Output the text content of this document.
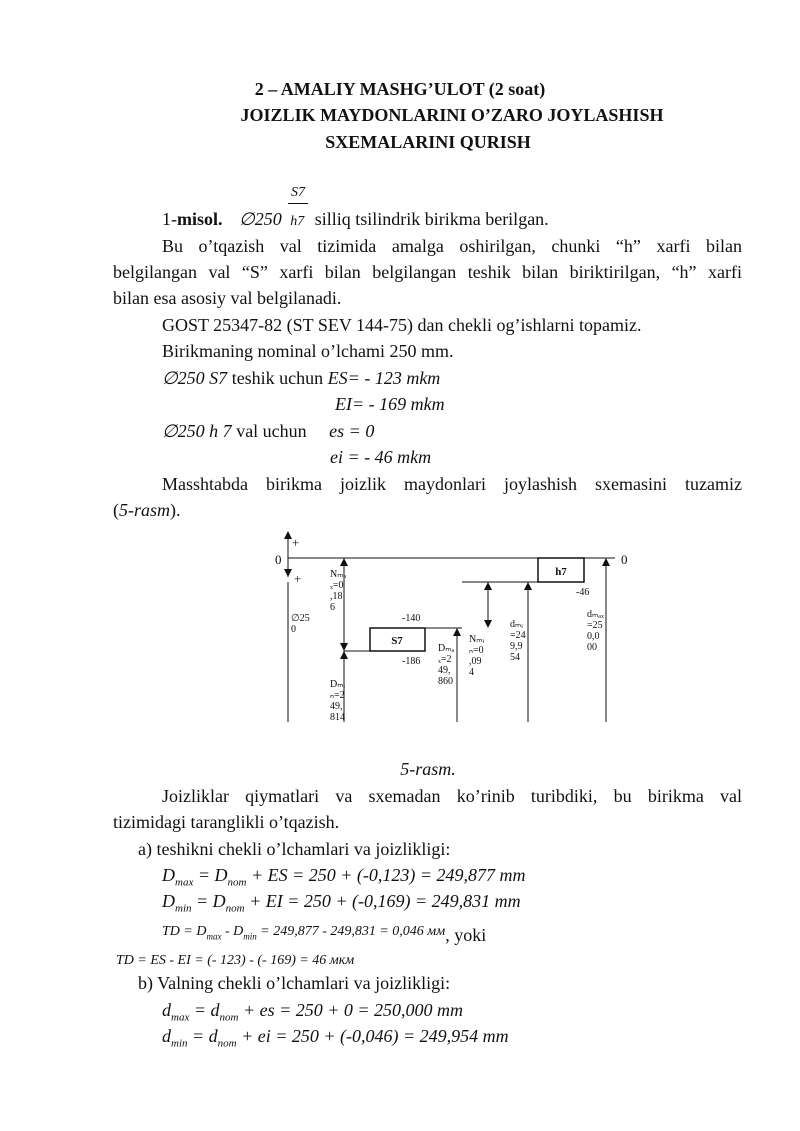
2 – AMALIY MASHG’ULOT (2 soat)
JOIZLIK MAYDONLARINI O’ZARO JOYLASHISH
SXEMALARINI QURISH
S7
1-misol. ∅250 h7 silliq tsilindrik birikma berilgan.
Bu o’tqazish val tizimida amalga oshirilgan, chunki “h” xarfi bilan
belgilangan val “S” xarfi bilan belgilangan teshik bilan biriktirilgan, “h” xarfi
bilan esa asosiy val belgilanadi.
GOST 25347-82 (ST SEV 144-75) dan chekli og’ishlarni topamiz.
Birikmaning nominal o’lchami 250 mm.
∅250 S7 teshik uchun ES= - 123 mkm
EI= - 169 mkm
∅250 h 7 val uchun es = 0
ei = - 46 mkm
Masshtabda birikma joizlik maydonlari joylashish sxemasini tuzamiz
(5-rasm).
+
+
0	0
∅25
0
Nₘₐ
ₓ=0
,18
6
Dₘᵢ
ₙ=2
49,
814
S7
-140
-186
Dₘₐ
ₓ=2
49,
860
Nₘᵢ
ₙ=0
,09
4
dₘᵢ
=24
9,9
54
h7
-46
dₘₐₓ
=25
0,0
00
5-rasm.
Joizliklar qiymatlari va sxemadan ko’rinib turibdiki, bu birikma val
tizimidagi taranglikli o’tqazish.
a) teshikni chekli o’lchamlari va joizlikligi:
$D_{max} = D_{nom}$ + ES = 250 + (-0,123) = 249,877 mm
$D_{min} = D_{nom}$ + EI = 250 + (-0,169) = 249,831 mm
TD = $D_{max} - D_{min} = 249,877 - 249,831 = 0,046$ мм, yoki
TD = ES - EI = (- 123) - (- 169) = 46 мкм
b) Valning chekli o’lchamlari va joizlikligi:
$d_{max} = d_{nom}$ + es = 250 + 0 = 250,000 mm
$d_{min} = d_{nom}$ + ei = 250 + (-0,046) = 249,954 mm
